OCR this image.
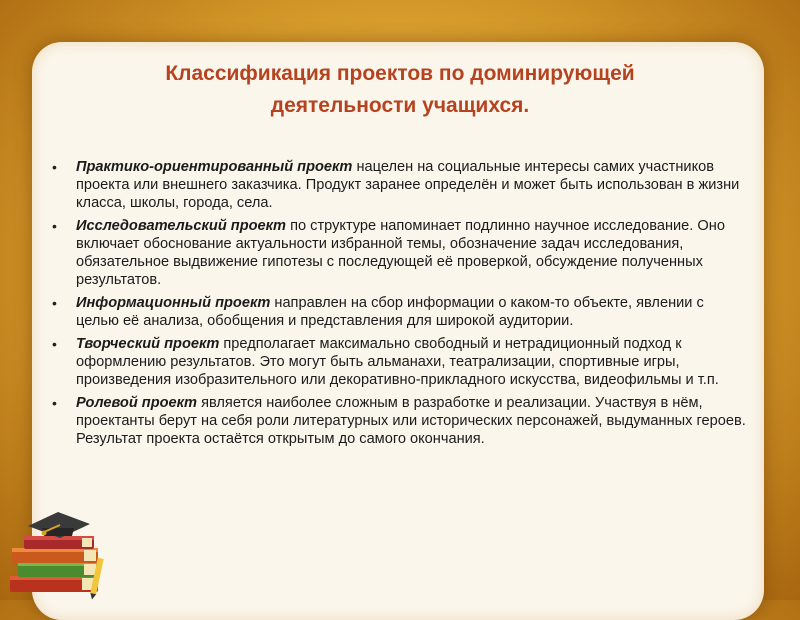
Классификация проектов по доминирующей
деятельности учащихся.
• Практико-ориентированный проект нацелен на социальные интересы самих участников проекта или внешнего заказчика. Продукт заранее определён и может быть использован в жизни класса, школы, города, села.
• Исследовательский проект по структуре напоминает подлинно научное исследование. Оно включает обоснование актуальности избранной темы, обозначение задач исследования, обязательное выдвижение гипотезы с последующей её проверкой, обсуждение полученных результатов.
• Информационный проект направлен на сбор информации о каком-то объекте, явлении с целью её анализа, обобщения и представления для широкой аудитории.
• Творческий проект предполагает максимально свободный и нетрадиционный подход к оформлению результатов. Это могут быть альманахи, театрализации, спортивные игры, произведения изобразительного или декоративно-прикладного искусства, видеофильмы и т.п.
• Ролевой проект является наиболее сложным в разработке и реализации. Участвуя в нём, проектанты берут на себя роли литературных или исторических персонажей, выдуманных героев. Результат проекта остаётся открытым до самого окончания.
